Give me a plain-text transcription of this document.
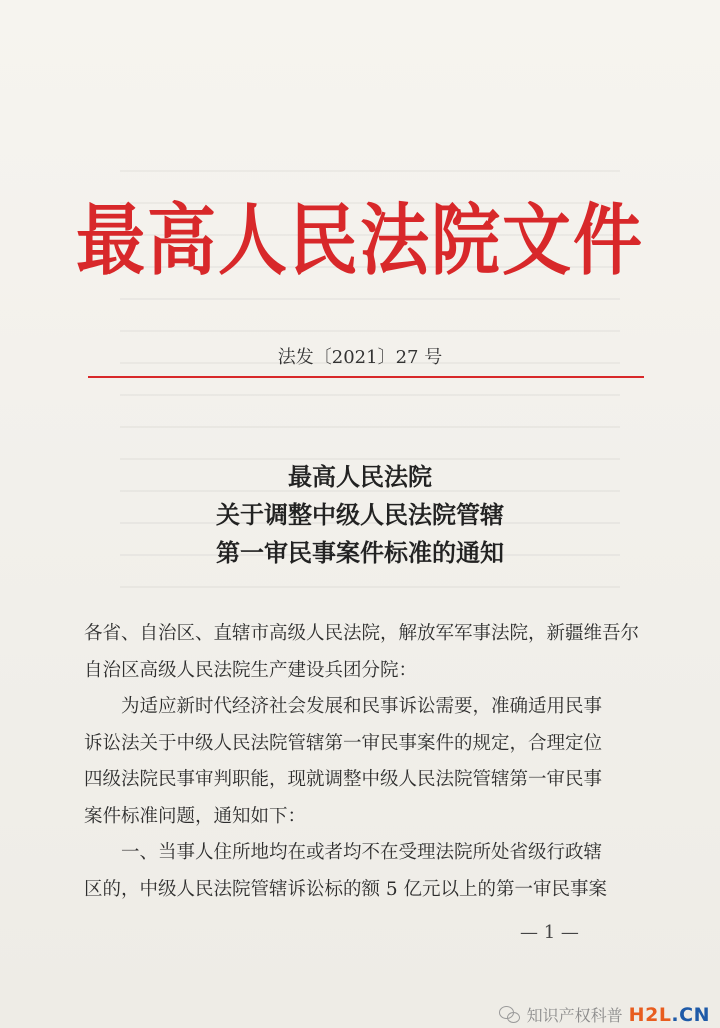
最高人民法院文件
法发〔2021〕27 号
最高人民法院
关于调整中级人民法院管辖
第一审民事案件标准的通知

各省、自治区、直辖市高级人民法院，解放军军事法院，新疆维吾尔

自治区高级人民法院生产建设兵团分院：

为适应新时代经济社会发展和民事诉讼需要，准确适用民事

诉讼法关于中级人民法院管辖第一审民事案件的规定，合理定位

四级法院民事审判职能，现就调整中级人民法院管辖第一审民事

案件标准问题，通知如下：

一、当事人住所地均在或者均不在受理法院所处省级行政辖

区的，中级人民法院管辖诉讼标的额 5 亿元以上的第一审民事案

— 1 —
知识产权科普 H2L.CN
